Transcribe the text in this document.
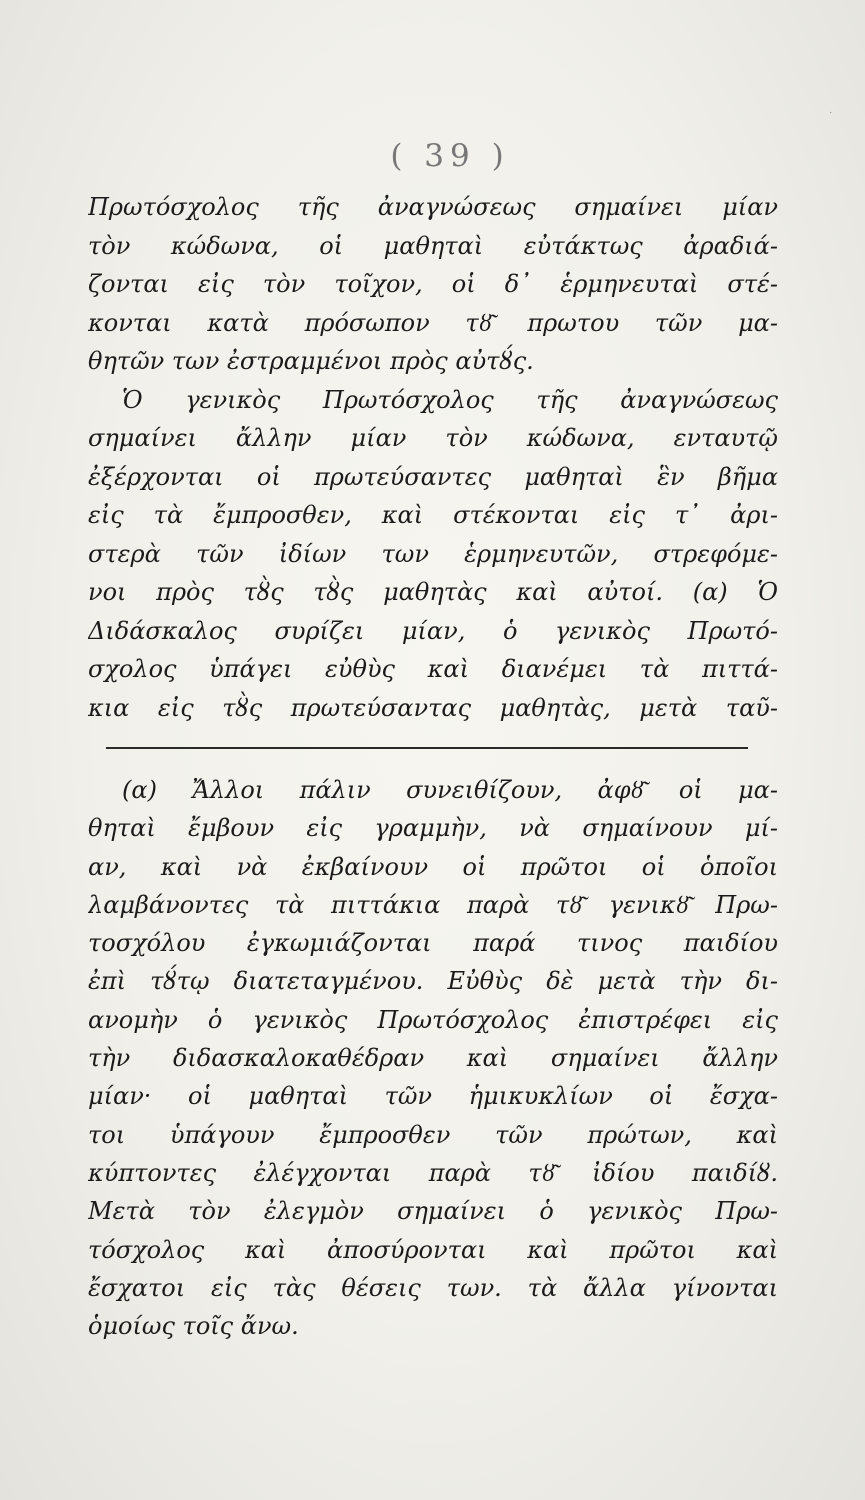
˙
( 39 )
Πρωτόσχολος τῆς ἀναγνώσεως σημαίνει μίαν
τὸν κώδωνα, οἱ μαθηταὶ εὐτάκτως ἀραδιά-
ζονται εἰς τὸν τοῖχον, οἱ δ᾽ ἑρμηνευταὶ στέ-
κονται κατὰ πρόσωπον τȣ͂ πρωτου τῶν μα-
θητῶν των ἐστραμμένοι πρὸς αὐτȣ́ς.
Ὁ γενικὸς Πρωτόσχολος τῆς ἀναγνώσεως
σημαίνει ἄλλην μίαν τὸν κώδωνα, ενταυτῷ
ἐξέρχονται οἱ πρωτεύσαντες μαθηταὶ ἓν βῆμα
εἰς τὰ ἔμπροσθεν, καὶ στέκονται εἰς τ᾽ ἀρι-
στερὰ τῶν ἰδίων των ἑρμηνευτῶν, στρεφόμε-
νοι πρὸς τȣ̀ς τȣ̀ς μαθητὰς καὶ αὐτοί. (α) Ὁ
Διδάσκαλος συρίζει μίαν, ὁ γενικὸς Πρωτό-
σχολος ὑπάγει εὐθὺς καὶ διανέμει τὰ πιττά-
κια εἰς τȣ̀ς πρωτεύσαντας μαθητὰς, μετὰ ταῦ-
(α) Ἄλλοι πάλιν συνειθίζουν, ἀφȣ͂ οἱ μα-
θηταὶ ἔμβουν εἰς γραμμὴν, νὰ σημαίνουν μί-
αν, καὶ νὰ ἐκβαίνουν οἱ πρῶτοι οἱ ὁποῖοι
λαμβάνοντες τὰ πιττάκια παρὰ τȣ͂ γενικȣ͂ Πρω-
τοσχόλου ἐγκωμιάζονται παρά τινος παιδίου
ἐπὶ τȣ́τῳ διατεταγμένου. Εὐθὺς δὲ μετὰ τὴν δι-
ανομὴν ὁ γενικὸς Πρωτόσχολος ἐπιστρέφει εἰς
τὴν διδασκαλοκαθέδραν καὶ σημαίνει ἄλλην
μίαν· οἱ μαθηταὶ τῶν ἡμικυκλίων οἱ ἔσχα-
τοι ὑπάγουν ἔμπροσθεν τῶν πρώτων, καὶ
κύπτοντες ἐλέγχονται παρὰ τȣ͂ ἰδίου παιδίȣ.
Μετὰ τὸν ἐλεγμὸν σημαίνει ὁ γενικὸς Πρω-
τόσχολος καὶ ἀποσύρονται καὶ πρῶτοι καὶ
ἔσχατοι εἰς τὰς θέσεις των. τὰ ἄλλα γίνονται
ὁμοίως τοῖς ἄνω.
